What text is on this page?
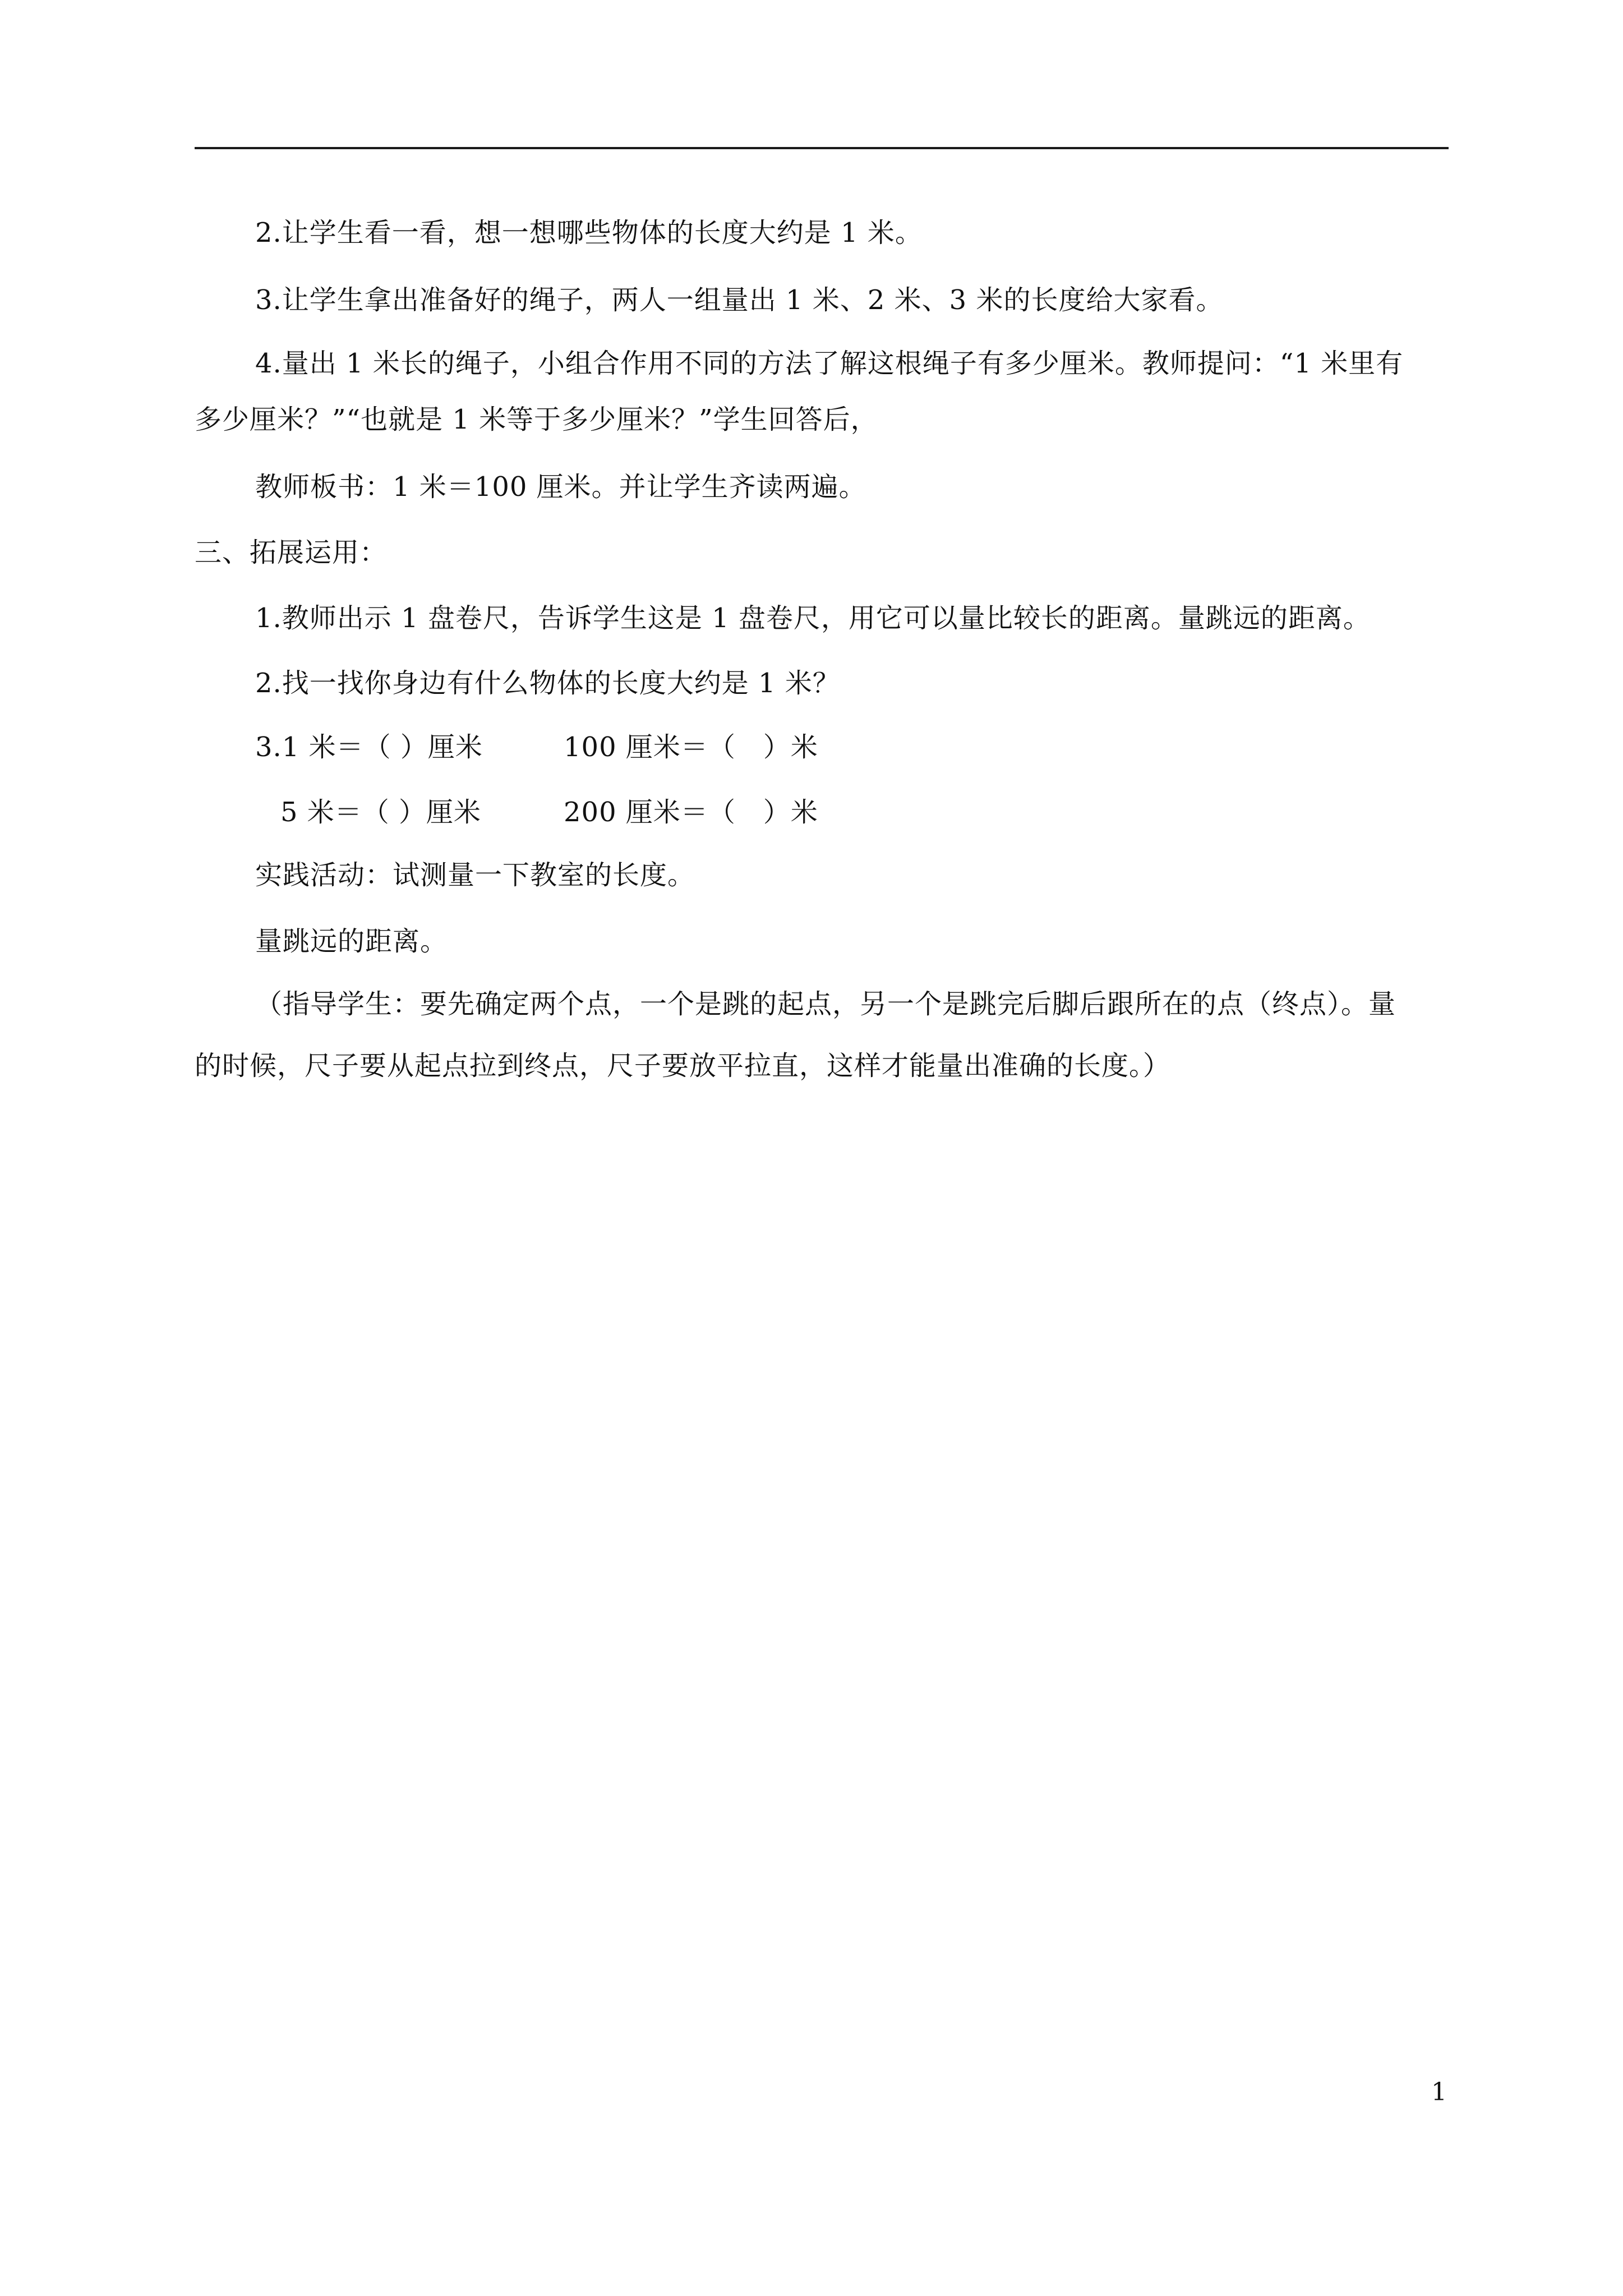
2.让学生看一看，想一想哪些物体的长度大约是 1 米。
3.让学生拿出准备好的绳子，两人一组量出 1 米、2 米、3 米的长度给大家看。
4.量出 1 米长的绳子，小组合作用不同的方法了解这根绳子有多少厘米。教师提问：“1 米里有
多少厘米？”“也就是 1 米等于多少厘米？”学生回答后，
教师板书：1 米＝100 厘米。并让学生齐读两遍。
三、拓展运用：
1.教师出示 1 盘卷尺，告诉学生这是 1 盘卷尺，用它可以量比较长的距离。量跳远的距离。
2.找一找你身边有什么物体的长度大约是 1 米？
3.1 米＝（ ）厘米	100 厘米＝（　）米
5 米＝（ ）厘米	200 厘米＝（　）米
实践活动：试测量一下教室的长度。
量跳远的距离。
（指导学生：要先确定两个点，一个是跳的起点，另一个是跳完后脚后跟所在的点（终点）。量
的时候，尺子要从起点拉到终点，尺子要放平拉直，这样才能量出准确的长度。）
1
